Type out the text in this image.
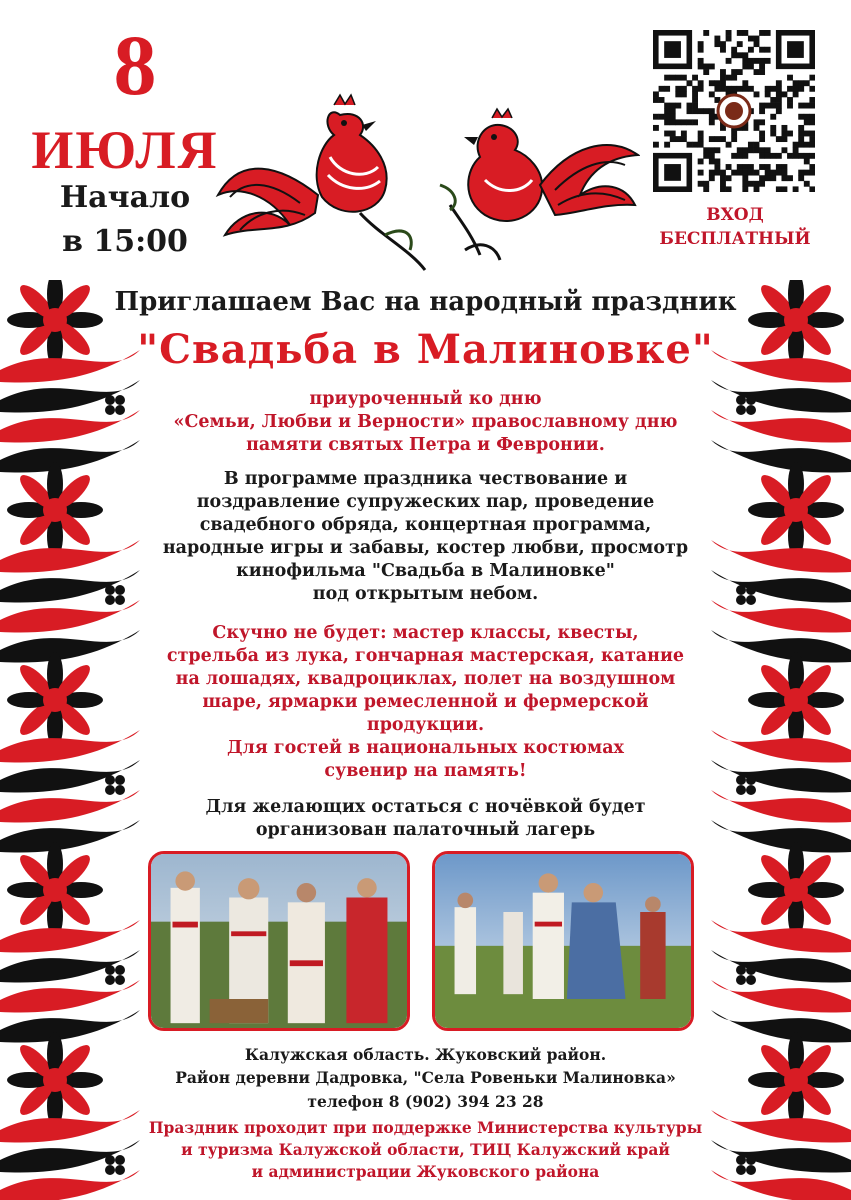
8
ИЮЛЯ
Начало
в 15:00
ВХОД
БЕСПЛАТНЫЙ
Приглашаем Вас на народный праздник
"Свадьба в Малиновке"
приуроченный ко дню
«Семьи, Любви и Верности» православному дню
памяти святых Петра и Февронии.
В программе праздника чествование и
поздравление супружеских пар, проведение
свадебного обряда, концертная программа,
народные игры и забавы, костер любви, просмотр
кинофильма "Свадьба в Малиновке"
под открытым небом.
Скучно не будет: мастер классы, квесты,
стрельба из лука, гончарная мастерская, катание
на лошадях, квадроциклах, полет на воздушном
шаре, ярмарки ремесленной и фермерской
продукции.
Для гостей в национальных костюмах
сувенир на память!
Для желающих остаться с ночёвкой будет
организован палаточный лагерь
Калужская область. Жуковский район.
Район деревни Дадровка, "Села Ровеньки Малиновка»
телефон 8 (902) 394 23 28
Праздник проходит при поддержке Министерства культуры
и туризма Калужской области, ТИЦ Калужский край
и администрации Жуковского района
